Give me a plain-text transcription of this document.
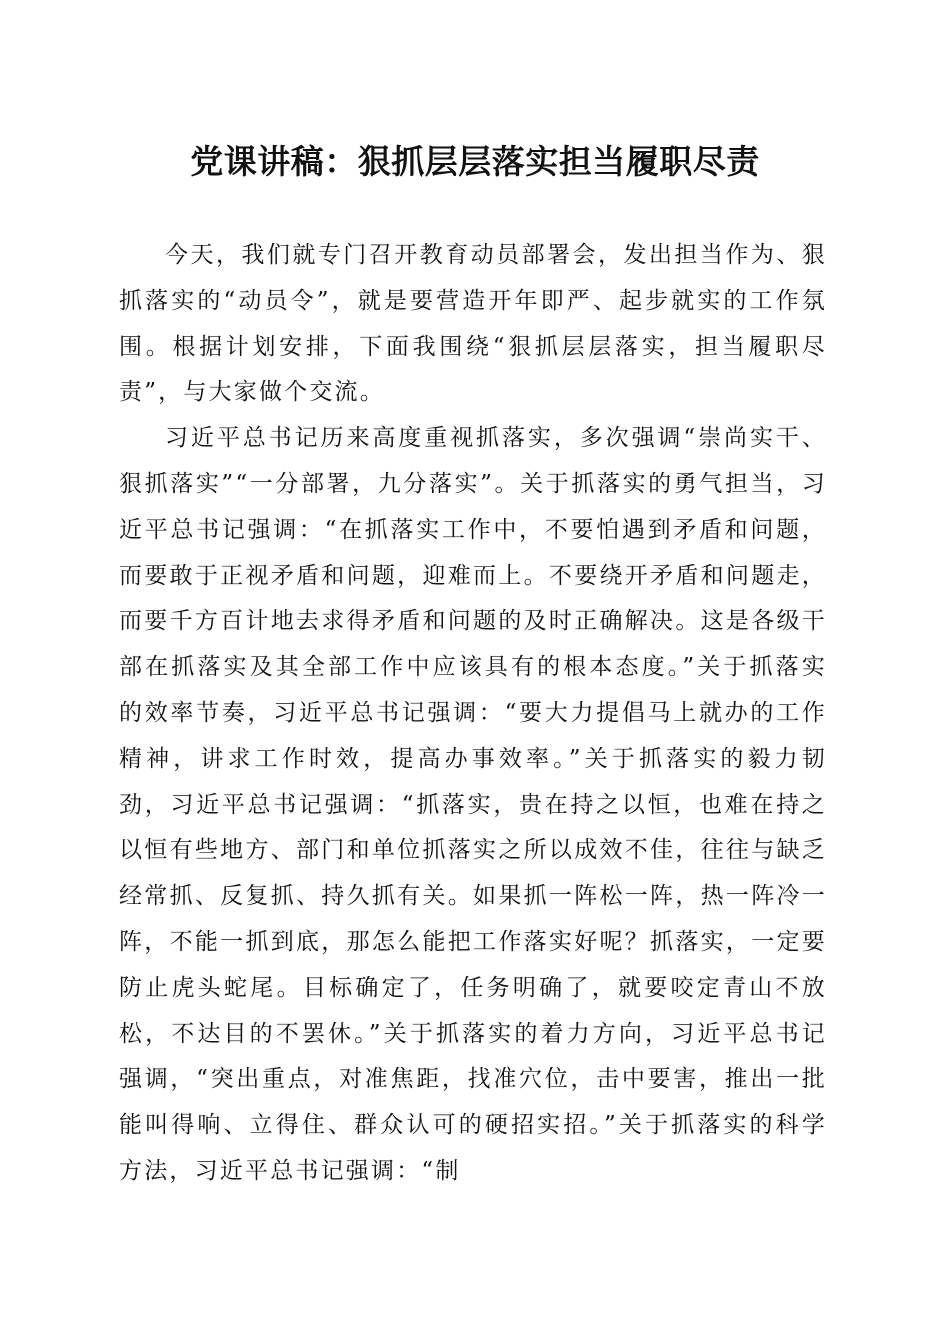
党课讲稿：狠抓层层落实担当履职尽责

今天，我们就专门召开教育动员部署会，发出担当作为、狠抓落实的“动员令”，就是要营造开年即严、起步就实的工作氛围。根据计划安排，下面我围绕“狠抓层层落实，担当履职尽责”，与大家做个交流。

习近平总书记历来高度重视抓落实，多次强调“崇尚实干、狠抓落实”“一分部署，九分落实”。关于抓落实的勇气担当，习近平总书记强调：“在抓落实工作中，不要怕遇到矛盾和问题，而要敢于正视矛盾和问题，迎难而上。不要绕开矛盾和问题走，而要千方百计地去求得矛盾和问题的及时正确解决。这是各级干部在抓落实及其全部工作中应该具有的根本态度。”关于抓落实的效率节奏，习近平总书记强调：“要大力提倡马上就办的工作精神，讲求工作时效，提高办事效率。”关于抓落实的毅力韧劲，习近平总书记强调：“抓落实，贵在持之以恒，也难在持之以恒有些地方、部门和单位抓落实之所以成效不佳，往往与缺乏经常抓、反复抓、持久抓有关。如果抓一阵松一阵，热一阵冷一阵，不能一抓到底，那怎么能把工作落实好呢？抓落实，一定要防止虎头蛇尾。目标确定了，任务明确了，就要咬定青山不放松，不达目的不罢休。”关于抓落实的着力方向，习近平总书记强调，“突出重点，对准焦距，找准穴位，击中要害，推出一批能叫得响、立得住、群众认可的硬招实招。”关于抓落实的科学方法，习近平总书记强调：“制
